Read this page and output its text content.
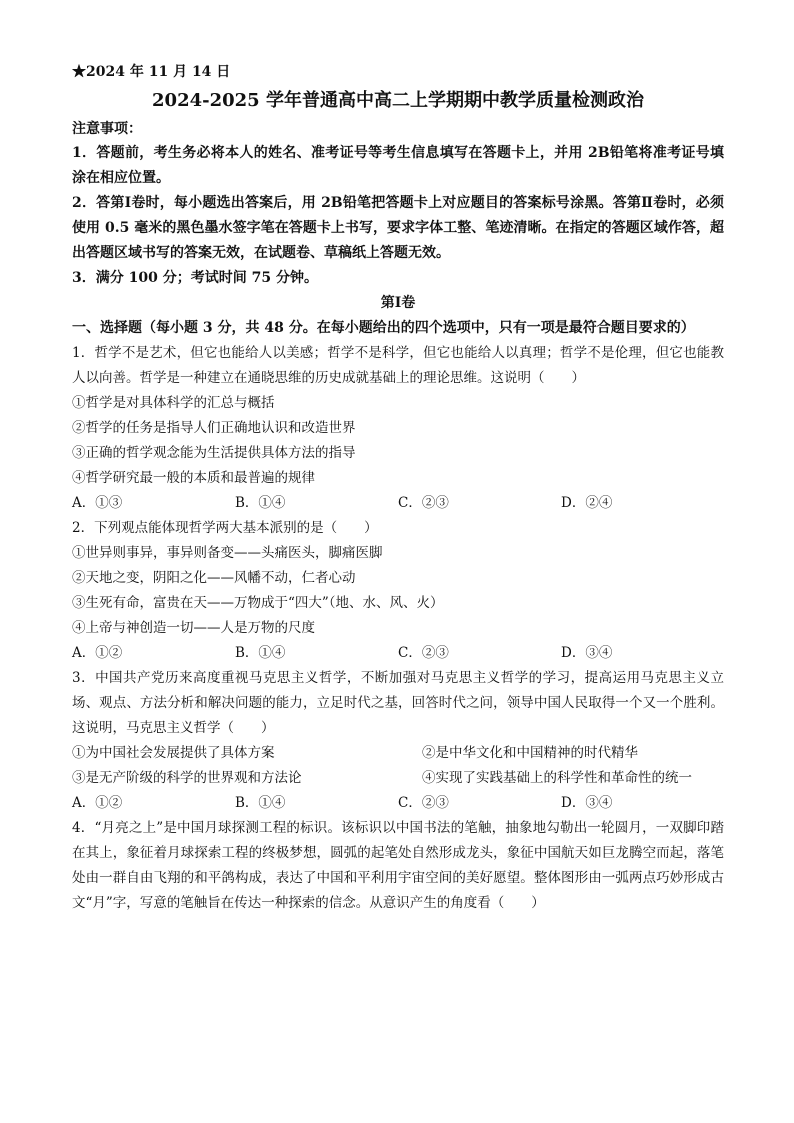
★2024 年 11 月 14 日
2024-2025 学年普通高中高二上学期期中教学质量检测政治
注意事项：

1．答题前，考生务必将本人的姓名、准考证号等考生信息填写在答题卡上，并用 2B铅笔将准考证号填涂在相应位置。

2．答第Ⅰ卷时，每小题选出答案后，用 2B铅笔把答题卡上对应题目的答案标号涂黑。答第Ⅱ卷时，必须使用 0.5 毫米的黑色墨水签字笔在答题卡上书写，要求字体工整、笔迹清晰。在指定的答题区域作答，超出答题区域书写的答案无效，在试题卷、草稿纸上答题无效。

3．满分 100 分；考试时间 75 分钟。

第Ⅰ卷

一、选择题（每小题 3 分，共 48 分。在每小题给出的四个选项中，只有一项是最符合题目要求的）

1．哲学不是艺术，但它也能给人以美感；哲学不是科学，但它也能给人以真理；哲学不是伦理，但它也能教人以向善。哲学是一种建立在通晓思维的历史成就基础上的理论思维。这说明（　　）

①哲学是对具体科学的汇总与概括

②哲学的任务是指导人们正确地认识和改造世界

③正确的哲学观念能为生活提供具体方法的指导

④哲学研究最一般的本质和最普遍的规律

A．①③	B．①④	C．②③	D．②④

2．下列观点能体现哲学两大基本派别的是（　　）

①世异则事异，事异则备变——头痛医头，脚痛医脚

②天地之变，阴阳之化——风幡不动，仁者心动

③生死有命，富贵在天——万物成于“四大”（地、水、风、火）

④上帝与神创造一切——人是万物的尺度

A．①②	B．①④	C．②③	D．③④

3．中国共产党历来高度重视马克思主义哲学，不断加强对马克思主义哲学的学习，提高运用马克思主义立场、观点、方法分析和解决问题的能力，立足时代之基，回答时代之问，领导中国人民取得一个又一个胜利。这说明，马克思主义哲学（　　）

①为中国社会发展提供了具体方案	②是中华文化和中国精神的时代精华
③是无产阶级的科学的世界观和方法论	④实现了实践基础上的科学性和革命性的统一
A．①②	B．①④	C．②③	D．③④

4．“月亮之上”是中国月球探测工程的标识。该标识以中国书法的笔触，抽象地勾勒出一轮圆月，一双脚印踏在其上，象征着月球探索工程的终极梦想，圆弧的起笔处自然形成龙头，象征中国航天如巨龙腾空而起，落笔处由一群自由飞翔的和平鸽构成，表达了中国和平利用宇宙空间的美好愿望。整体图形由一弧两点巧妙形成古文“月”字，写意的笔触旨在传达一种探索的信念。从意识产生的角度看（　　）
